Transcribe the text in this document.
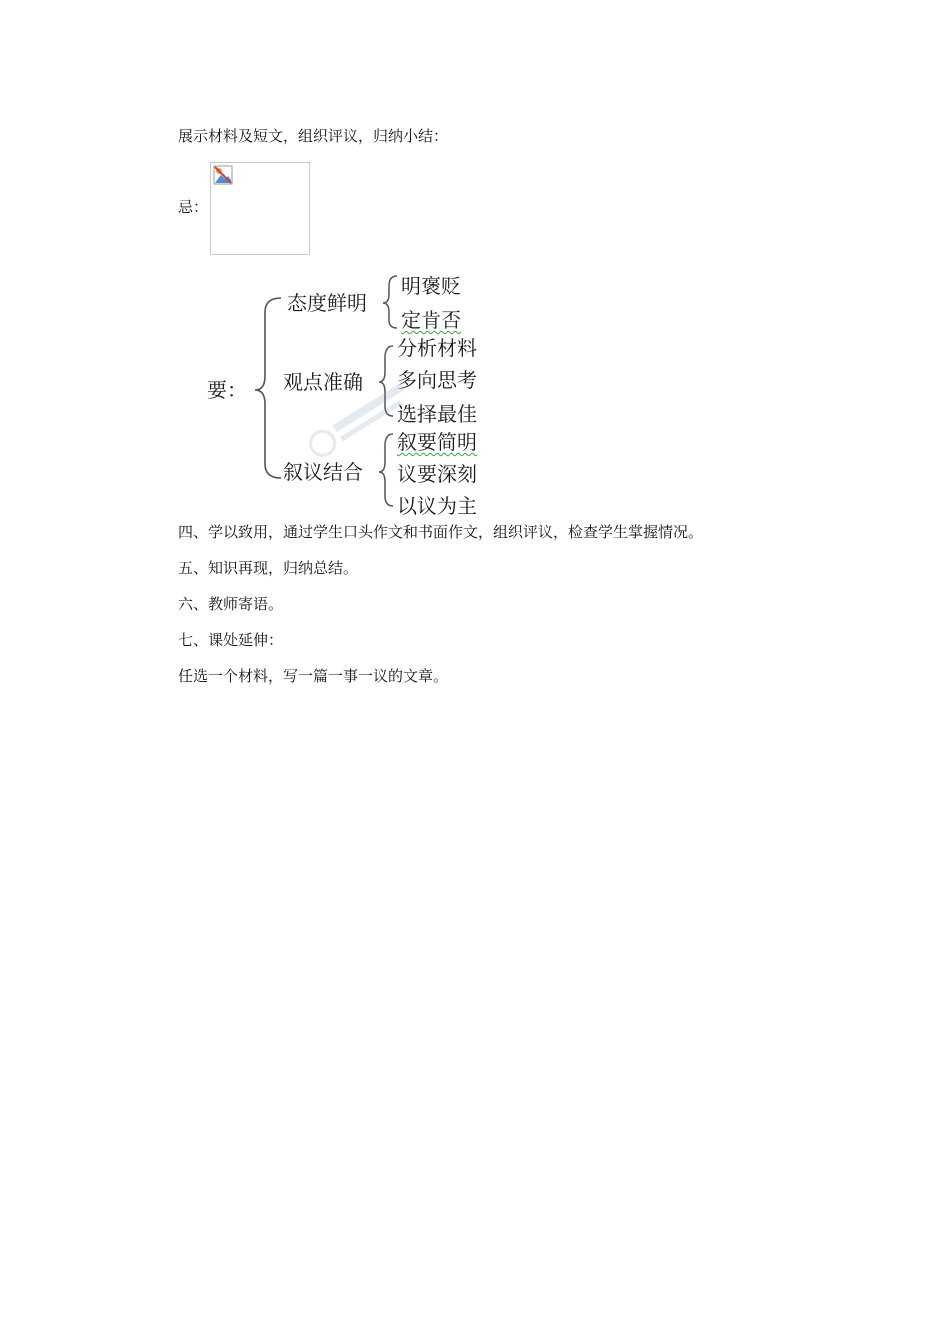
展示材料及短文，组织评议，归纳小结：

忌：

要：
态度鲜明
观点准确
叙议结合
明褒贬
定肯否
分析材料
多向思考
选择最佳
叙要简明
议要深刻
以议为主

四、学以致用，通过学生口头作文和书面作文，组织评议，检查学生掌握情况。

五、知识再现，归纳总结。

六、教师寄语。

七、课处延伸：

任选一个材料，写一篇一事一议的文章。
